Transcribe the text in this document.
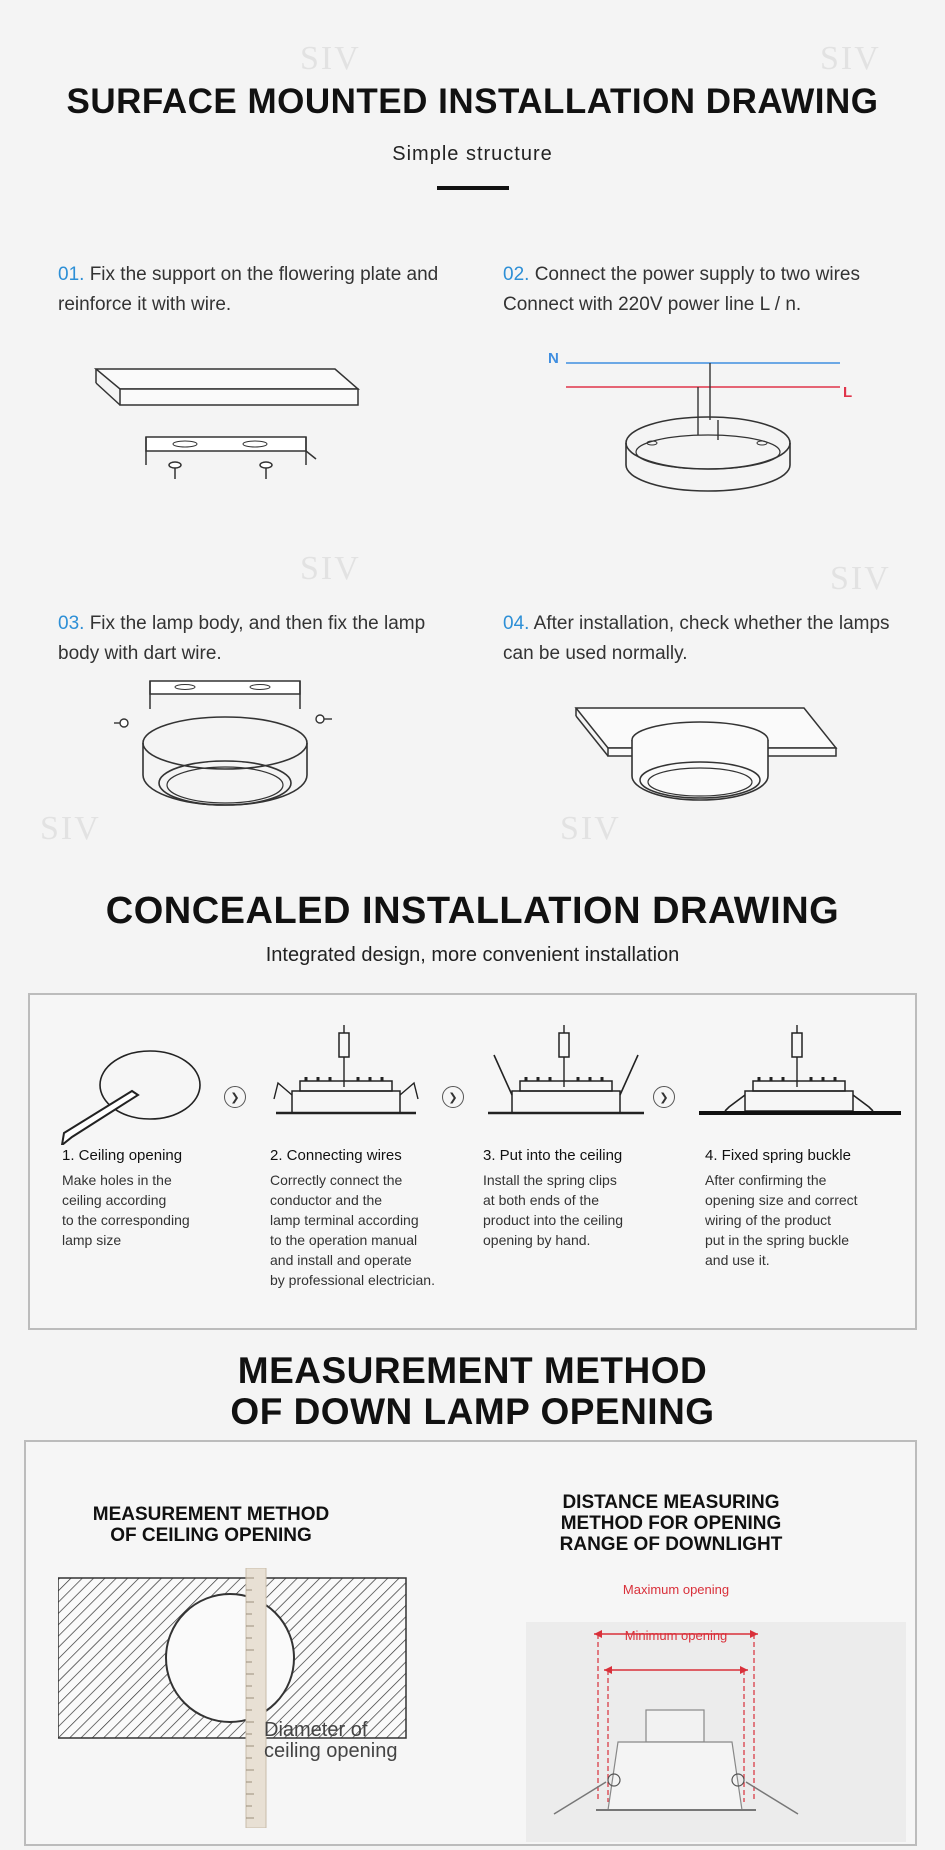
SIV	SIV
SIV	SIV
SIV	SIV
SURFACE MOUNTED INSTALLATION DRAWING
Simple structure
01. Fix the support on the flowering plate and reinforce it with wire.
02. Connect the power supply to two wires Connect with 220V power line L / n.
N
L
03. Fix the lamp body, and then fix the lamp body with dart wire.
04. After installation, check whether the lamps can be used normally.
CONCEALED INSTALLATION DRAWING
Integrated design, more convenient installation
❯	❯	❯
1. Ceiling opening
Make holes in the
ceiling according
to the corresponding
lamp size
2. Connecting wires
Correctly connect the
conductor and the
lamp terminal according
to the operation manual
and install and operate
by professional electrician.
3. Put into the ceiling
Install the spring clips
at both ends of the
product into the ceiling
opening by hand.
4. Fixed spring buckle
After confirming the
opening size and correct
wiring of the product
put in the spring buckle
and use it.
MEASUREMENT METHOD
OF DOWN LAMP OPENING
MEASUREMENT METHOD
OF CEILING OPENING
Diameter of
ceiling opening
DISTANCE MEASURING
METHOD FOR OPENING
RANGE OF DOWNLIGHT
Maximum opening
Minimum opening
